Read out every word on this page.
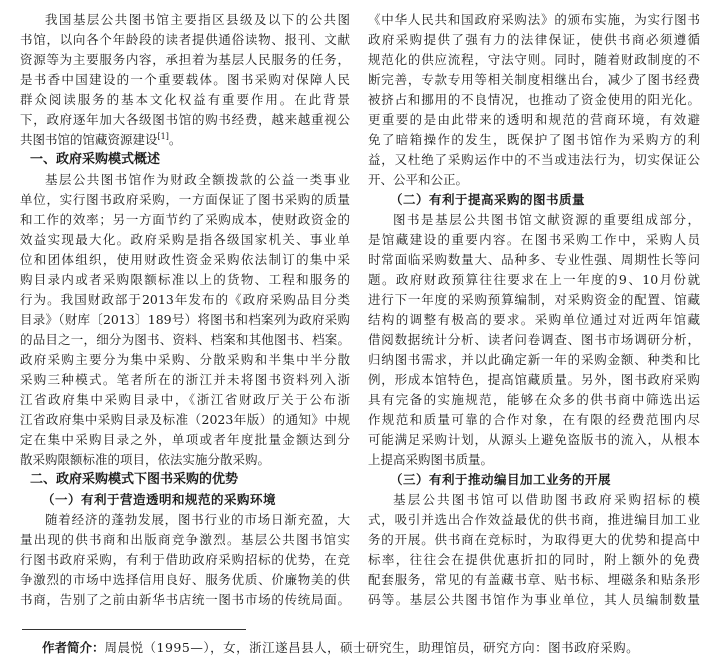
我国基层公共图书馆主要指区县级及以下的公共图
书馆，以向各个年龄段的读者提供通俗读物、报刊、文献
资源等为主要服务内容，承担着为基层人民服务的任务，
是书香中国建设的一个重要载体。图书采购对保障人民
群众阅读服务的基本文化权益有重要作用。在此背景
下，政府逐年加大各级图书馆的购书经费，越来越重视公
共图书馆的馆藏资源建设[1]。
一、政府采购模式概述
基层公共图书馆作为财政全额拨款的公益一类事业
单位，实行图书政府采购，一方面保证了图书采购的质量
和工作的效率；另一方面节约了采购成本，使财政资金的
效益实现最大化。政府采购是指各级国家机关、事业单
位和团体组织，使用财政性资金采购依法制订的集中采
购目录内或者采购限额标准以上的货物、工程和服务的
行为。我国财政部于2013年发布的《政府采购品目分类
目录》（财库〔2013〕189号）将图书和档案列为政府采购
的品目之一，细分为图书、资料、档案和其他图书、档案。
政府采购主要分为集中采购、分散采购和半集中半分散
采购三种模式。笔者所在的浙江并未将图书资料列入浙
江省政府集中采购目录中，《浙江省财政厅关于公布浙
江省政府集中采购目录及标准（2023年版）的通知》中规
定在集中采购目录之外，单项或者年度批量金额达到分
散采购限额标准的项目，依法实施分散采购。
二、政府采购模式下图书采购的优势
（一）有利于营造透明和规范的采购环境
随着经济的蓬勃发展，图书行业的市场日渐充盈，大
量出现的供书商和出版商竞争激烈。基层公共图书馆实
行图书政府采购，有利于借助政府采购招标的优势，在竞
争激烈的市场中选择信用良好、服务优质、价廉物美的供
书商，告别了之前由新华书店统一图书市场的传统局面。
《中华人民共和国政府采购法》的颁布实施，为实行图书
政府采购提供了强有力的法律保证，使供书商必须遵循
规范化的供应流程，守法守则。同时，随着财政制度的不
断完善，专款专用等相关制度相继出台，减少了图书经费
被挤占和挪用的不良情况，也推动了资金使用的阳光化。
更重要的是由此带来的透明和规范的营商环境，有效避
免了暗箱操作的发生，既保护了图书馆作为采购方的利
益，又杜绝了采购运作中的不当或违法行为，切实保证公
开、公平和公正。
（二）有利于提高采购的图书质量
图书是基层公共图书馆文献资源的重要组成部分，
是馆藏建设的重要内容。在图书采购工作中，采购人员
时常面临采购数量大、品种多、专业性强、周期性长等问
题。政府财政预算往往要求在上一年度的9、10月份就
进行下一年度的采购预算编制，对采购资金的配置、馆藏
结构的调整有极高的要求。采购单位通过对近两年馆藏
借阅数据统计分析、读者问卷调查、图书市场调研分析，
归纳图书需求，并以此确定新一年的采购金额、种类和比
例，形成本馆特色，提高馆藏质量。另外，图书政府采购
具有完备的实施规范，能够在众多的供书商中筛选出运
作规范和质量可靠的合作对象，在有限的经费范围内尽
可能满足采购计划，从源头上避免盗版书的流入，从根本
上提高采购图书质量。
（三）有利于推动编目加工业务的开展
基层公共图书馆可以借助图书政府采购招标的模
式，吸引并选出合作效益最优的供书商，推进编目加工业
务的开展。供书商在竞标时，为取得更大的优势和提高中
标率，往往会在提供优惠折扣的同时，附上额外的免费
配套服务，常见的有盖藏书章、贴书标、埋磁条和贴条形
码等。基层公共图书馆作为事业单位，其人员编制数量
作者简介：周晨悦（1995—），女，浙江遂昌县人，硕士研究生，助理馆员，研究方向：图书政府采购。
